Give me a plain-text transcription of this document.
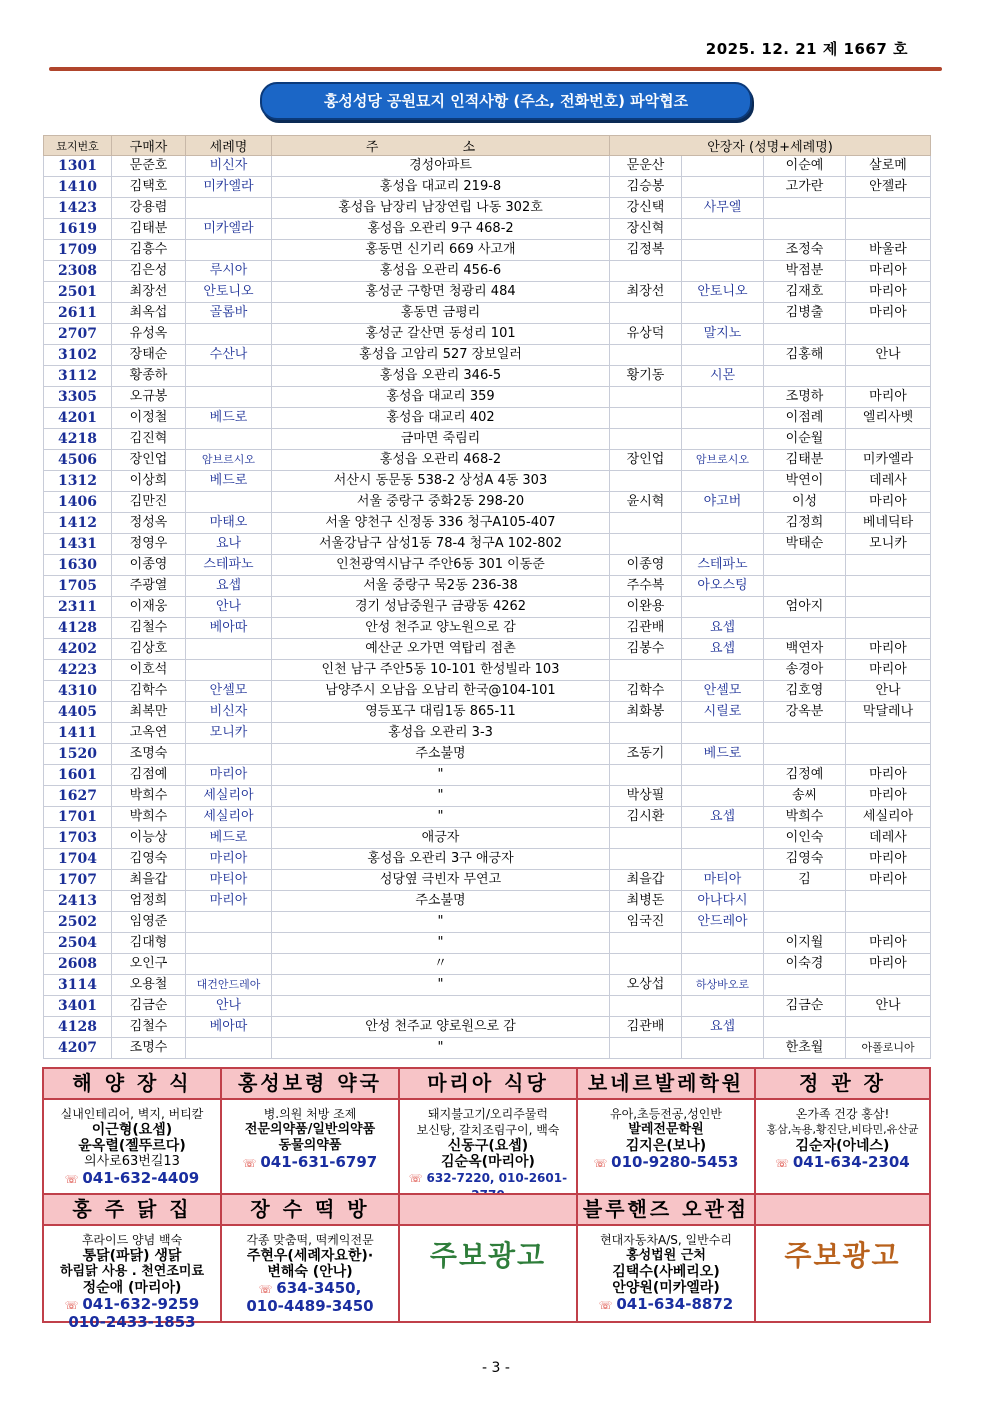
2025. 12. 21 제 1667 호
홍성성당 공원묘지 인적사항 (주소, 전화번호) 파악협조
묘지번호	구매자	세례명	주 소	안장자 (성명+세례명)			
1301	문준호	비신자	경성아파트	문운산		이순예	살로메
1410	김택호	미카엘라	홍성읍 대교리 219-8	김승봉		고가란	안젤라
1423	강용렴		홍성읍 남장리 남장연립 나동 302호	강신택	사무엘		
1619	김태분	미카엘라	홍성읍 오관리 9구 468-2	장신혁			
1709	김흥수		홍동면 신기리 669 사고개	김정복		조정숙	바울라
2308	김은성	루시아	홍성읍 오관리 456-6			박점분	마리아
2501	최장선	안토니오	홍성군 구항면 청광리 484	최장선	안토니오	김재호	마리아
2611	최옥섭	골롬바	홍동면 금평리			김병출	마리아
2707	유성옥		홍성군 갈산면 동성리 101	유상덕	말지노		
3102	장태순	수산나	홍성읍 고암리 527 장보일러			김홍해	안나
3112	황종하		홍성읍 오관리 346-5	황기동	시몬		
3305	오규봉		홍성읍 대교리 359			조명하	마리아
4201	이정철	베드로	홍성읍 대교리 402			이점례	엘리사벳
4218	김진혁		금마면 죽림리			이순월	
4506	장인업	암브르시오	홍성읍 오관리 468-2	장인업	암브로시오	김태분	미카엘라
1312	이상희	베드로	서산시 동문동 538-2 상성A 4동 303			박연이	데레사
1406	김만진		서울 중랑구 중화2동 298-20	윤시혁	야고버	이성	마리아
1412	정성옥	마태오	서울 양천구 신정동 336 청구A105-407			김정희	베네딕타
1431	정영우	요나	서울강남구 삼성1동 78-4 청구A 102-802			박태순	모니카
1630	이종영	스테파노	인천광역시남구 주안6동 301 이동준	이종영	스테파노		
1705	주광열	요셉	서울 중랑구 묵2동 236-38	주수복	아오스팅		
2311	이재웅	안나	경기 성남중원구 금광동 4262	이완용		엄아지	
4128	김철수	베아따	안성 천주교 양노원으로 감	김관배	요셉		
4202	김상호		예산군 오가면 역탑리 점촌	김봉수	요셉	백연자	마리아
4223	이호석		인천 남구 주안5동 10-101 한성빌라 103			송경아	마리아
4310	김학수	안셀모	남양주시 오남읍 오남리 한국@104-101	김학수	안셀모	김호영	안나
4405	최복만	비신자	영등포구 대림1동 865-11	최화봉	시릴로	강옥분	막달레나
1411	고옥연	모니카	홍성읍 오관리 3-3				
1520	조명숙		주소불명	조동기	베드로		
1601	김점예	마리아	"			김정예	마리아
1627	박희수	세실리아	"	박상필		송씨	마리아
1701	박희수	세실리아	"	김시환	요셉	박희수	세실리아
1703	이능상	베드로	애긍자			이인숙	데레사
1704	김영숙	마리아	홍성읍 오관리 3구 애긍자			김영숙	마리아
1707	최을갑	마티아	성당옆 극빈자 무연고	최을갑	마티아	김	마리아
2413	엄정희	마리아	주소불명	최병돈	아나다시		
2502	임영준		"	임국진	안드레아		
2504	김대형		"			이지월	마리아
2608	오인구		〃			이숙경	마리아
3114	오용철	대건안드레아	"	오상섭	하상바오로		
3401	김금순	안나				김금순	안나
4128	김철수	베아따	안성 천주교 양로원으로 감	김관배	요셉		
4207	조명수		"			한초월	아폴로니아
해 양 장 식
실내인테리어, 벽지, 버티칼
이근형(요셉)
윤옥렬(젤뚜르다)
의사로63번길13
☏ 041-632-4409
홍성보령 약국
병.의원 처방 조제
전문의약품/일반의약품
동물의약품
☏ 041-631-6797
마리아 식당
돼지불고기/오리주물럭
보신탕, 갈치조림구이, 백숙
신동구(요셉)
김순옥(마리아)
☏ 632-7220, 010-2601-
보네르발레학원
유아,초등전공,성인반
발레전문학원
김지은(보나)
☏ 010-9280-5453
정 관 장
온가족 건강 홍삼!
홍삼,녹용,황진단,비타민,유산균
김순자(아네스)
☏ 041-634-2304
홍 주 닭 집
후라이드 양념 백숙
통닭(파닭) 생닭
하림닭 사용 . 천연조미료
정순애 (마리아)
☏ 041-632-9259
010-2433-1853
장 수 떡 방
각종 맞춤떡, 떡케익전문
주현우(세례자요한)·
변해숙 (안나)
☏ 634-3450,
010-4489-3450
주보광고
블루핸즈 오관점
현대자동차A/S, 일반수리
홍성법원 근처
김택수(사베리오)
안양원(미카엘라)
☏ 041-634-8872
주보광고
- 3 -
